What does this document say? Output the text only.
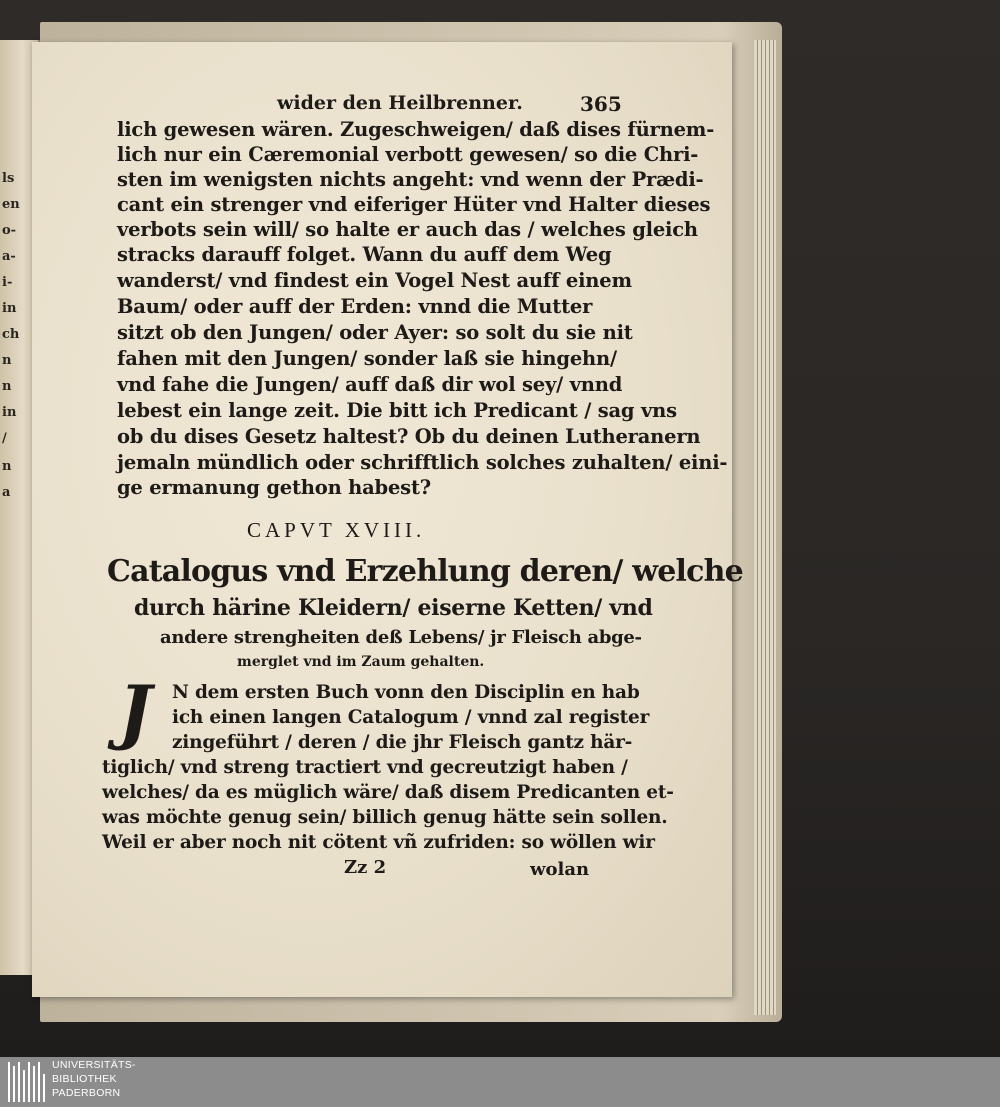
ls
en
o-
a-
i-
in
ch
n
n
in
/
n
a
wider den Heilbrenner.	365
lich gewesen wären. Zugeschweigen/ daß dises fürnem-
lich nur ein Cæremonial verbott gewesen/ so die Chri-
sten im wenigsten nichts angeht: vnd wenn der Prædi-
cant ein strenger vnd eiferiger Hüter vnd Halter dieses
verbots sein will/ so halte er auch das / welches gleich
stracks darauff folget. Wann du auff dem Weg
wanderst/ vnd findest ein Vogel Nest auff einem
Baum/ oder auff der Erden: vnnd die Mutter
sitzt ob den Jungen/ oder Ayer: so solt du sie nit
fahen mit den Jungen/ sonder laß sie hingehn/
vnd fahe die Jungen/ auff daß dir wol sey/ vnnd
lebest ein lange zeit. Die bitt ich Predicant / sag vns
ob du dises Gesetz haltest? Ob du deinen Lutheranern
jemaln mündlich oder schrifftlich solches zuhalten/ eini-
ge ermanung gethon habest?
CAPVT XVIII.
Catalogus vnd Erzehlung deren/ welche
durch härine Kleidern/ eiserne Ketten/ vnd
andere strengheiten deß Lebens/ jr Fleisch abge-
merglet vnd im Zaum gehalten.
J	N dem ersten Buch vonn den Disciplin en hab
ich einen langen Catalogum / vnnd zal register
zingeführt / deren / die jhr Fleisch gantz här-
tiglich/ vnd streng tractiert vnd gecreutzigt haben /
welches/ da es müglich wäre/ daß disem Predicanten et-
was möchte genug sein/ billich genug hätte sein sollen.
Weil er aber noch nit cötent vñ zufriden: so wöllen wir
Zz 2	wolan
UNIVERSITÄTS-
BIBLIOTHEK
PADERBORN
